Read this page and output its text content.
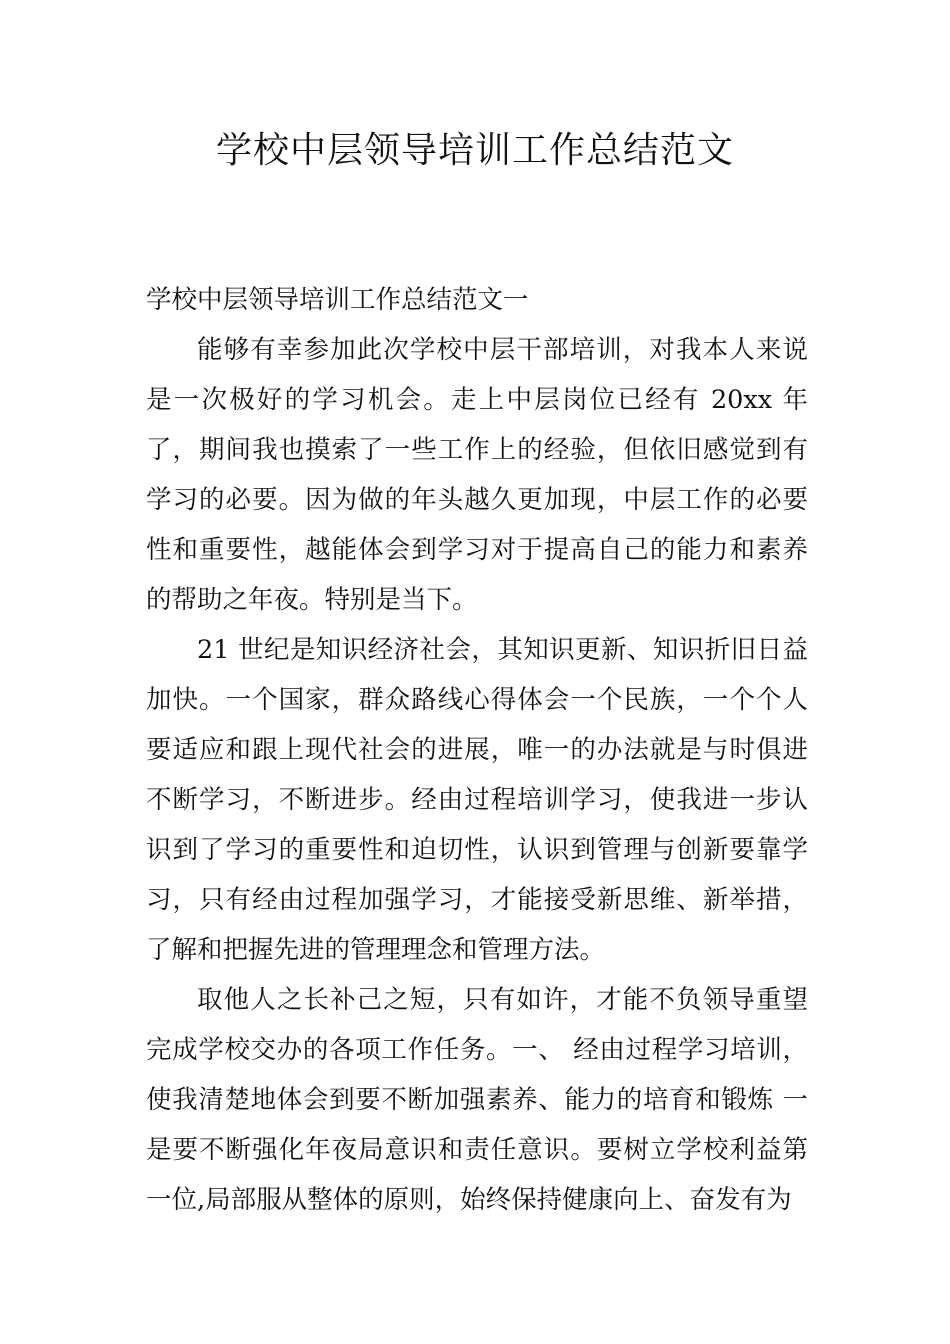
学校中层领导培训工作总结范文

学校中层领导培训工作总结范文一

能够有幸参加此次学校中层干部培训，对我本人来说是一次极好的学习机会。走上中层岗位已经有 20xx 年了，期间我也摸索了一些工作上的经验，但依旧感觉到有学习的必要。因为做的年头越久更加现，中层工作的必要性和重要性，越能体会到学习对于提高自己的能力和素养的帮助之年夜。特别是当下。

21 世纪是知识经济社会，其知识更新、知识折旧日益加快。一个国家，群众路线心得体会一个民族，一个个人要适应和跟上现代社会的进展，唯一的办法就是与时俱进不断学习，不断进步。经由过程培训学习，使我进一步认识到了学习的重要性和迫切性，认识到管理与创新要靠学习，只有经由过程加强学习，才能接受新思维、新举措，了解和把握先进的管理理念和管理方法。

取他人之长补己之短，只有如许，才能不负领导重望完成学校交办的各项工作任务。一、 经由过程学习培训，使我清楚地体会到要不断加强素养、能力的培育和锻炼 一是要不断强化年夜局意识和责任意识。要树立学校利益第一位,局部服从整体的原则，始终保持健康向上、奋发有为
